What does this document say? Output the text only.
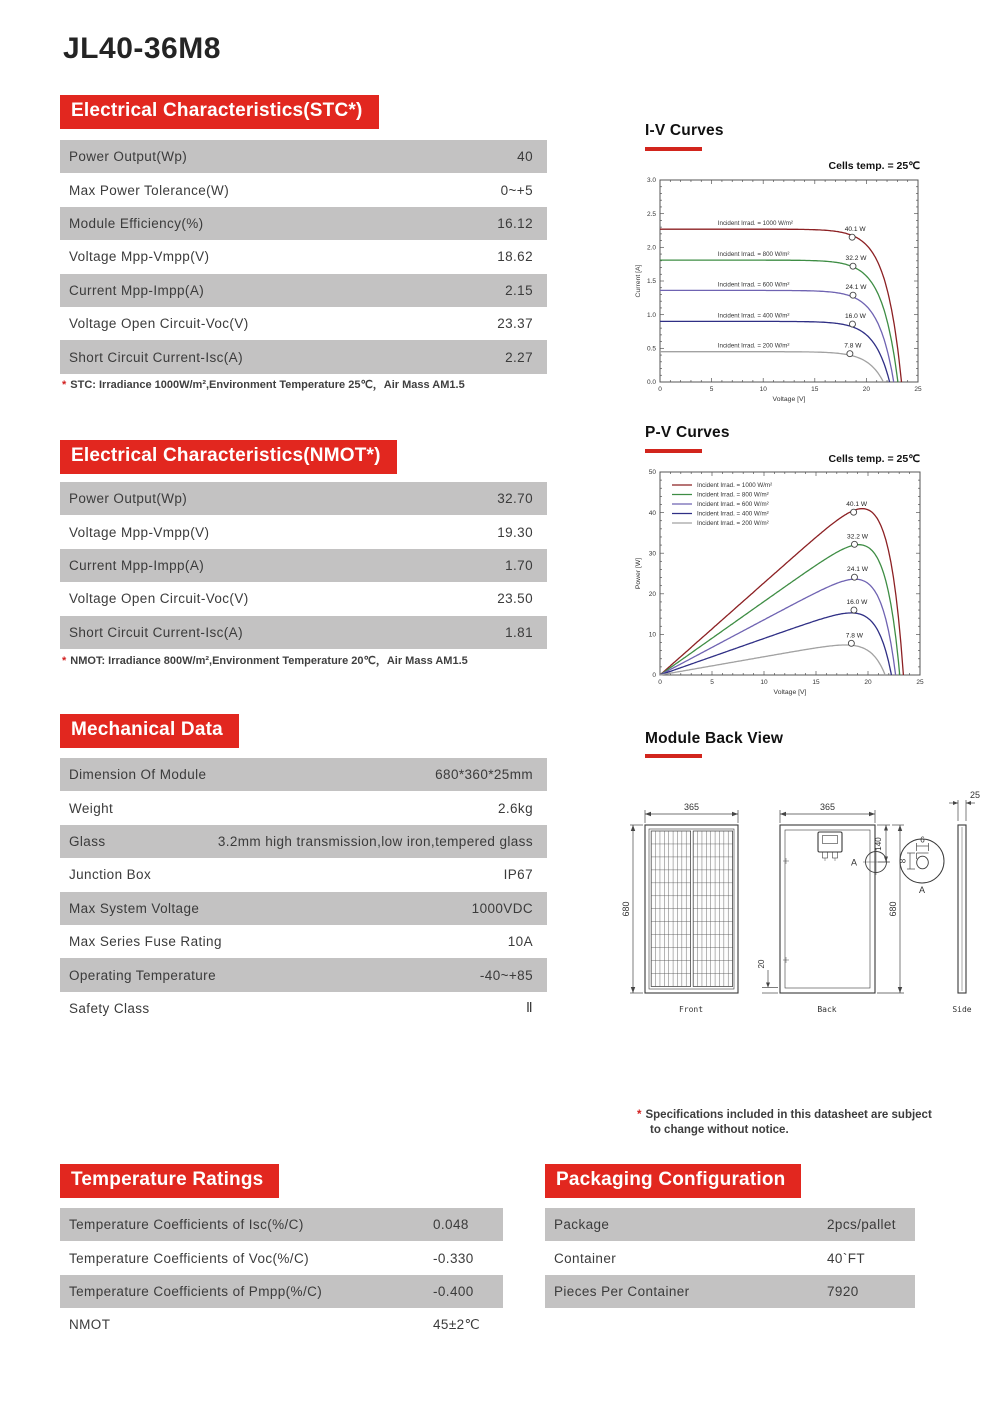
JL40-36M8
Electrical Characteristics(STC*)
Power Output(Wp)	40
Max Power Tolerance(W)	0~+5
Module Efficiency(%)	16.12
Voltage Mpp-Vmpp(V)	18.62
Current Mpp-Impp(A)	2.15
Voltage Open Circuit-Voc(V)	23.37
Short Circuit Current-Isc(A)	2.27
* STC: Irradiance 1000W/m²,Environment Temperature 25℃，Air Mass AM1.5
Electrical Characteristics(NMOT*)
Power Output(Wp)	32.70
Voltage Mpp-Vmpp(V)	19.30
Current Mpp-Impp(A)	1.70
Voltage Open Circuit-Voc(V)	23.50
Short Circuit Current-Isc(A)	1.81
* NMOT: Irradiance 800W/m²,Environment Temperature 20℃，Air Mass AM1.5
Mechanical Data
Dimension Of Module	680*360*25mm
Weight	2.6kg
Glass	3.2mm high transmission,low iron,tempered glass
Junction Box	IP67
Max System Voltage	1000VDC
Max Series Fuse Rating	10A
Operating Temperature	-40~+85
Safety Class	Ⅱ
I-V Curves
Cells temp. = 25℃
0	5	10	15	20	25
0.0
0.5
1.0
1.5
2.0
2.5
3.0
Voltage [V]
Current [A]
40.1 W
32.2 W
24.1 W
16.0 W
7.8 W
Incident Irrad. = 1000 W/m²
Incident Irrad. = 800 W/m²
Incident Irrad. = 600 W/m²
Incident Irrad. = 400 W/m²
Incident Irrad. = 200 W/m²
P-V Curves
Cells temp. = 25℃
0	5	10	15	20	25
0
10
20
30
40
50
Voltage [V]
Power [W]
40.1 W
32.2 W
24.1 W
16.0 W
7.8 W
Incident Irrad. = 1000 W/m²
Incident Irrad. = 800 W/m²
Incident Irrad. = 600 W/m²
Incident Irrad. = 400 W/m²
Incident Irrad. = 200 W/m²
Module Back View
365
680
Front
A
365
140
680
20
Back
6
8
A
25
Side
* Specifications included in this datasheet are subject
to change without notice.
Temperature Ratings
Temperature Coefficients of Isc(%/C)	0.048
Temperature Coefficients of Voc(%/C)	-0.330
Temperature Coefficients of Pmpp(%/C)	-0.400
NMOT	45±2℃
Packaging Configuration
Package	2pcs/pallet
Container	40`FT
Pieces Per Container	7920
